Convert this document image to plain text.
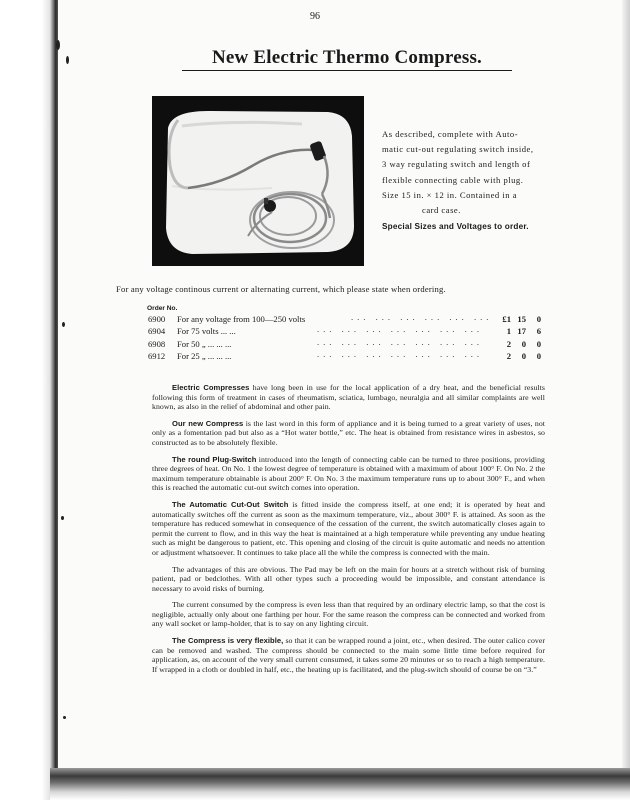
96
New Electric Thermo Compress.

As described, complete with Auto-

matic cut-out regulating switch inside,

3 way regulating switch and length of

flexible connecting cable with plug.

Size 15 in. × 12 in. Contained in a

card case.

Special Sizes and Voltages to order.

For any voltage continous current or alternating current, which please state when ordering.
Order No.
6900 For any voltage from 100—250 volts	... ... ... ... ... ...	£1 15	0
6904 For 75 volts ... ...	... ... ... ... ... ... ...	1 17	6
6908 For 50 „ ... ... ...	... ... ... ... ... ... ...	2	0	0
6912 For 25 „ ... ... ...	... ... ... ... ... ... ...	2	0	0

Electric Compresses have long been in use for the local application of a dry heat, and the beneficial results following this form of treatment in cases of rheumatism, sciatica, lumbago, neuralgia and all similar complaints are well known, as also in the relief of abdominal and other pain.

Our new Compress is the last word in this form of appliance and it is being turned to a great variety of uses, not only as a fomentation pad but also as a “Hot water bottle,” etc. The heat is obtained from resistance wires in asbestos, so constructed as to be absolutely flexible.

The round Plug-Switch introduced into the length of connecting cable can be turned to three positions, providing three degrees of heat. On No. 1 the lowest degree of temperature is obtained with a maximum of about 100° F. On No. 2 the maximum temperature obtainable is about 200° F. On No. 3 the maximum temperature runs up to about 300° F., and when this is reached the automatic cut-out switch comes into operation.

The Automatic Cut-Out Switch is fitted inside the compress itself, at one end; it is operated by heat and automatically switches off the current as soon as the maximum temperature, viz., about 300° F. is attained. As soon as the temperature has reduced somewhat in consequence of the cessation of the current, the switch automatically closes again to permit the current to flow, and in this way the heat is maintained at a high temperature while preventing any undue heating such as might be dangerous to patient, etc. This opening and closing of the circuit is quite automatic and needs no attention or adjustment whatsoever. It continues to take place all the while the compress is connected with the main.

The advantages of this are obvious. The Pad may be left on the main for hours at a stretch without risk of burning patient, pad or bedclothes. With all other types such a proceeding would be impossible, and constant attendance is necessary to avoid risks of burning.

The current consumed by the compress is even less than that required by an ordinary electric lamp, so that the cost is negligible, actually only about one farthing per hour. For the same reason the compress can be connected and worked from any wall socket or lamp-holder, that is to say on any lighting circuit.

The Compress is very flexible, so that it can be wrapped round a joint, etc., when desired. The outer calico cover can be removed and washed. The compress should be connected to the main some little time before required for application, as, on account of the very small current consumed, it takes some 20 minutes or so to reach a high temperature. If wrapped in a cloth or doubled in half, etc., the heating up is facilitated, and the plug-switch should of course be on “3.”
